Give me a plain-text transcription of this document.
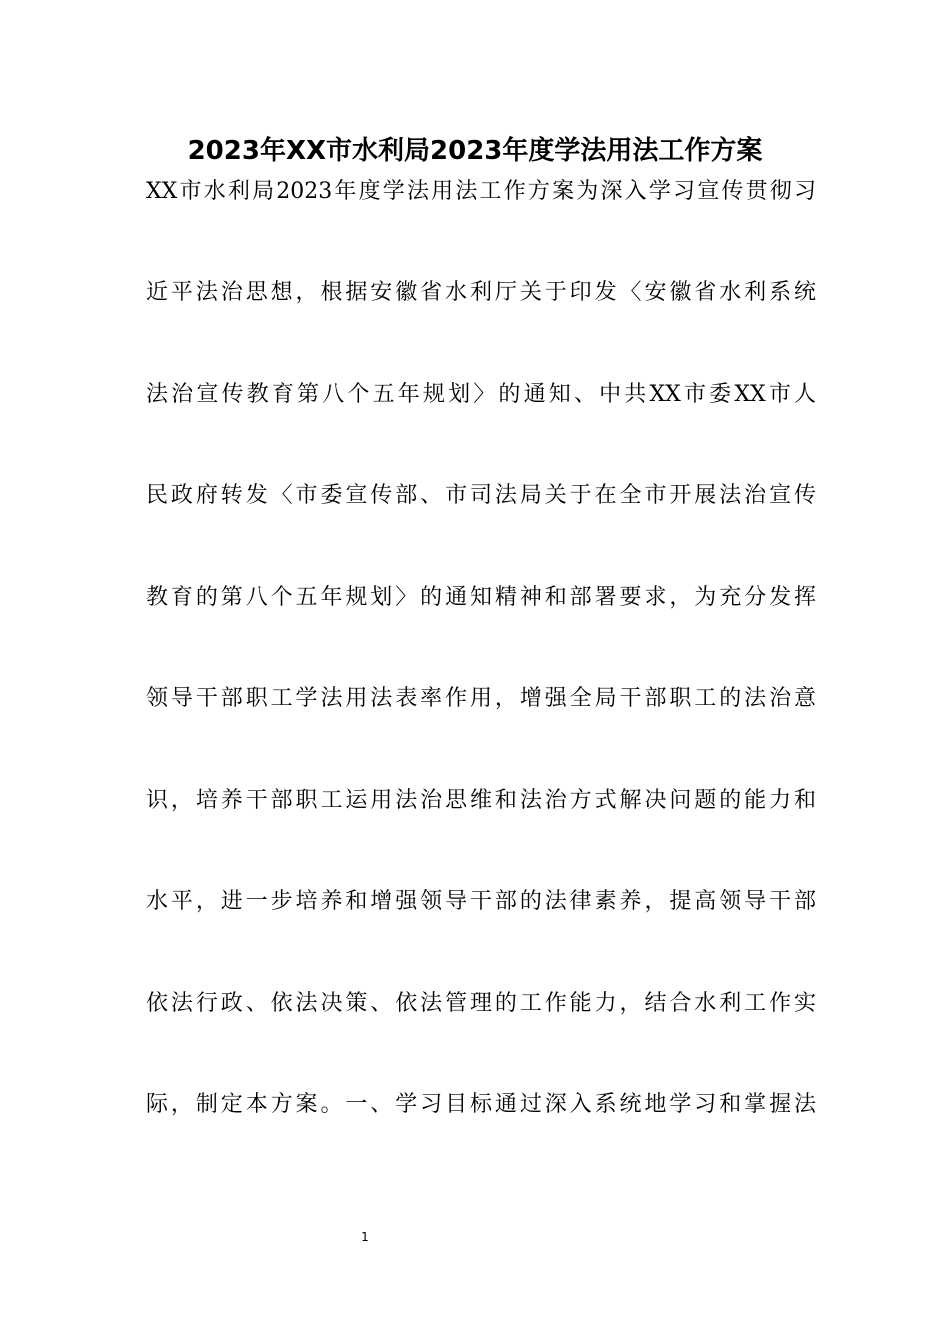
2023年XX市水利局2023年度学法用法工作方案
XX市水利局2023年度学法用法工作方案为深入学习宣传贯彻习
近平法治思想，根据安徽省水利厅关于印发〈安徽省水利系统
法治宣传教育第八个五年规划〉的通知、中共XX市委XX市人
民政府转发〈市委宣传部、市司法局关于在全市开展法治宣传
教育的第八个五年规划〉的通知精神和部署要求，为充分发挥
领导干部职工学法用法表率作用，增强全局干部职工的法治意
识，培养干部职工运用法治思维和法治方式解决问题的能力和
水平，进一步培养和增强领导干部的法律素养，提高领导干部
依法行政、依法决策、依法管理的工作能力，结合水利工作实
际，制定本方案。一、学习目标通过深入系统地学习和掌握法
1
